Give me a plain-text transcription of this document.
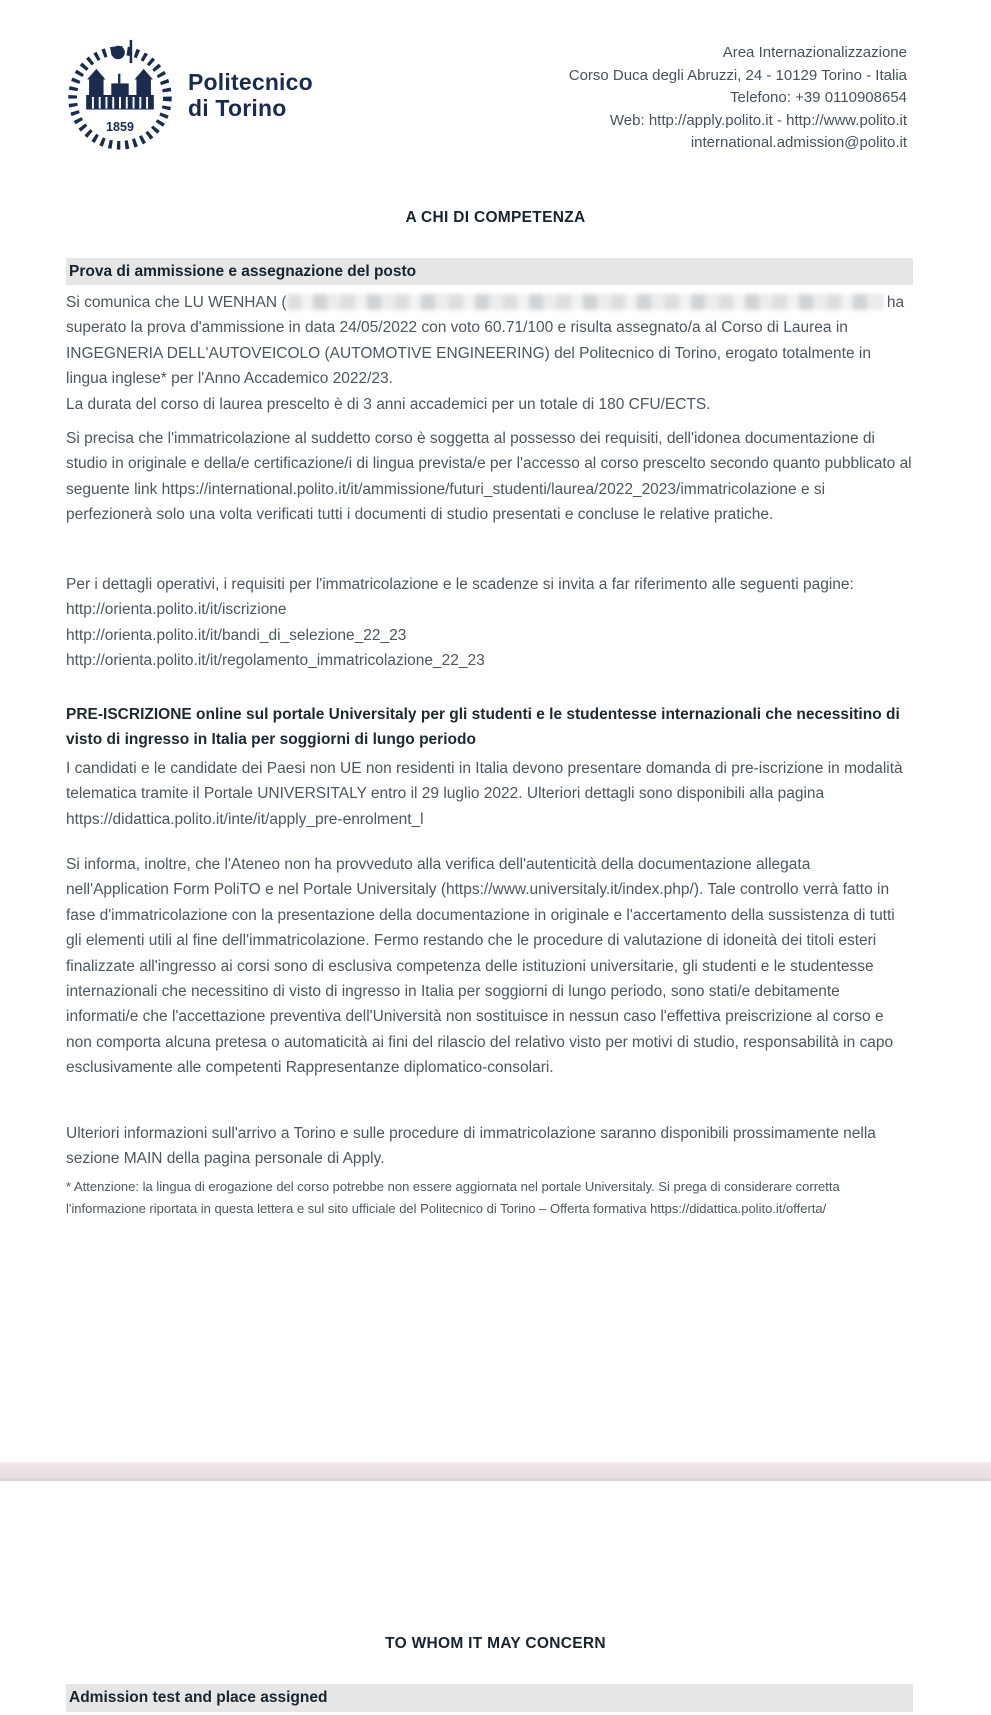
1859
Politecnico
di Torino
Area Internazionalizzazione
Corso Duca degli Abruzzi, 24 - 10129 Torino - Italia
Telefono: +39 0110908654
Web: http://apply.polito.it - http://www.polito.it
international.admission@polito.it
A CHI DI COMPETENZA
Prova di ammissione e assegnazione del posto

Si comunica che LU WENHAN (	ha superato la prova d'ammissione in data 24/05/2022 con voto 60.71/100 e risulta assegnato/a al Corso di Laurea in INGEGNERIA DELL'AUTOVEICOLO (AUTOMOTIVE ENGINEERING) del Politecnico di Torino, erogato totalmente in lingua inglese* per l'Anno Accademico 2022/23.

La durata del corso di laurea prescelto è di 3 anni accademici per un totale di 180 CFU/ECTS.

Si precisa che l'immatricolazione al suddetto corso è soggetta al possesso dei requisiti, dell'idonea documentazione di studio in originale e della/e certificazione/i di lingua prevista/e per l'accesso al corso prescelto secondo quanto pubblicato al seguente link https://international.polito.it/it/ammissione/futuri_studenti/laurea/2022_2023/immatricolazione e si perfezionerà solo una volta verificati tutti i documenti di studio presentati e concluse le relative pratiche.

Per i dettagli operativi, i requisiti per l'immatricolazione e le scadenze si invita a far riferimento alle seguenti pagine:

http://orienta.polito.it/it/iscrizione
http://orienta.polito.it/it/bandi_di_selezione_22_23
http://orienta.polito.it/it/regolamento_immatricolazione_22_23

PRE-ISCRIZIONE online sul portale Universitaly per gli studenti e le studentesse internazionali che necessitino di visto di ingresso in Italia per soggiorni di lungo periodo

I candidati e le candidate dei Paesi non UE non residenti in Italia devono presentare domanda di pre-iscrizione in modalità telematica tramite il Portale UNIVERSITALY entro il 29 luglio 2022. Ulteriori dettagli sono disponibili alla pagina https://didattica.polito.it/inte/it/apply_pre-enrolment_l

Si informa, inoltre, che l'Ateneo non ha provveduto alla verifica dell'autenticità della documentazione allegata nell'Application Form PoliTO e nel Portale Universitaly (https://www.universitaly.it/index.php/). Tale controllo verrà fatto in fase d'immatricolazione con la presentazione della documentazione in originale e l'accertamento della sussistenza di tutti gli elementi utili al fine dell'immatricolazione. Fermo restando che le procedure di valutazione di idoneità dei titoli esteri finalizzate all'ingresso ai corsi sono di esclusiva competenza delle istituzioni universitarie, gli studenti e le studentesse internazionali che necessitino di visto di ingresso in Italia per soggiorni di lungo periodo, sono stati/e debitamente informati/e che l'accettazione preventiva dell'Università non sostituisce in nessun caso l'effettiva preiscrizione al corso e non comporta alcuna pretesa o automaticità ai fini del rilascio del relativo visto per motivi di studio, responsabilità in capo esclusivamente alle competenti Rappresentanze diplomatico-consolari.

Ulteriori informazioni sull'arrivo a Torino e sulle procedure di immatricolazione saranno disponibili prossimamente nella sezione MAIN della pagina personale di Apply.

* Attenzione: la lingua di erogazione del corso potrebbe non essere aggiornata nel portale Universitaly. Si prega di considerare corretta l'informazione riportata in questa lettera e sul sito ufficiale del Politecnico di Torino – Offerta formativa https://didattica.polito.it/offerta/

TO WHOM IT MAY CONCERN
Admission test and place assigned
